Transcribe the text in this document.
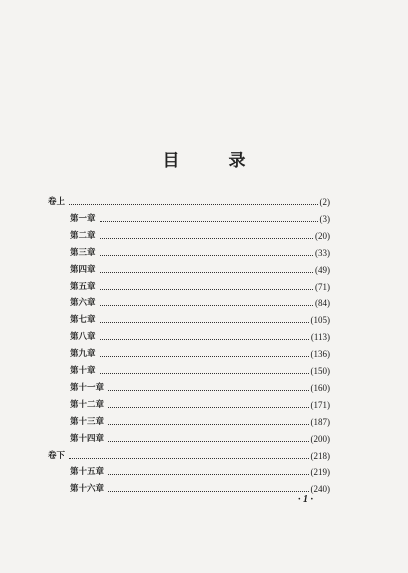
目　录
卷上	(2)
第一章	(3)
第二章	(20)
第三章	(33)
第四章	(49)
第五章	(71)
第六章	(84)
第七章	(105)
第八章	(113)
第九章	(136)
第十章	(150)
第十一章	(160)
第十二章	(171)
第十三章	(187)
第十四章	(200)
卷下	(218)
第十五章	(219)
第十六章	(240)
· 1 ·
